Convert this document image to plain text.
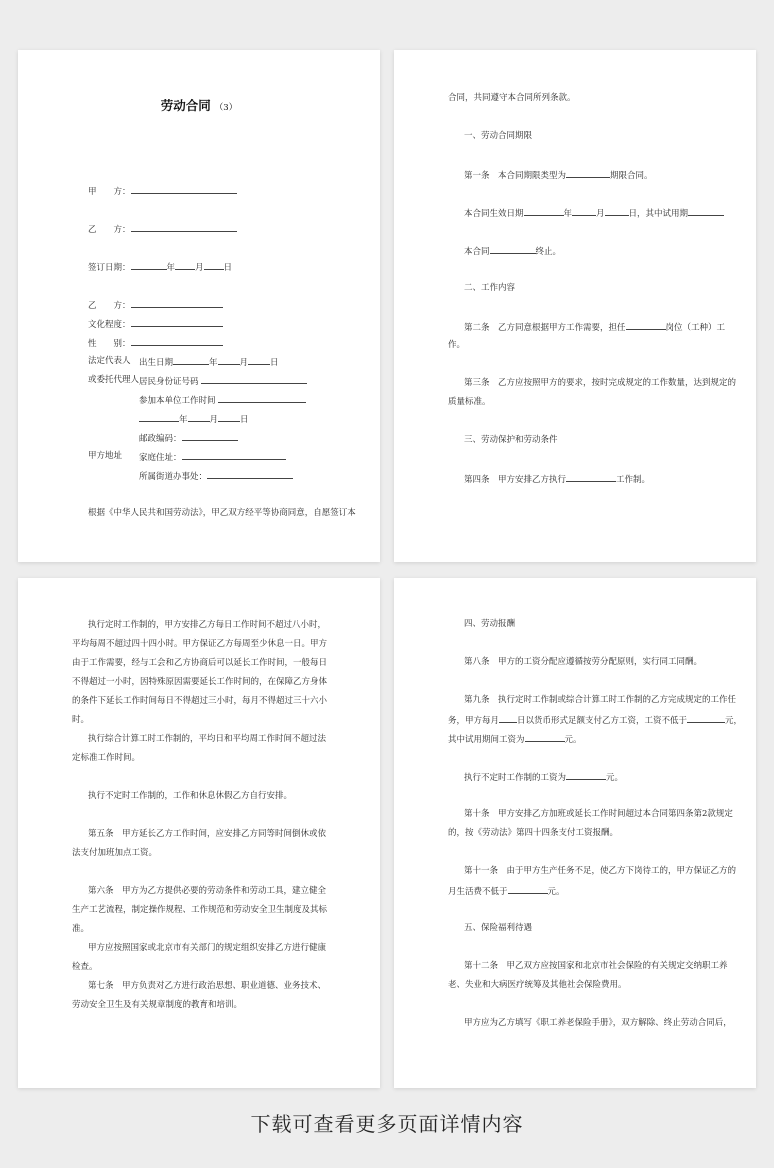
劳动合同 （3）
甲　　方：
乙　　方：
签订日期：	年 月 日
乙　　方：
文化程度：
性　　别：
法定代表人 出生日期	年	月	日
或委托代理人 居民身份证号码
参加本单位工作时间
年	月	日
邮政编码：
甲方地址 家庭住址：
所属街道办事处：
根据《中华人民共和国劳动法》，甲乙双方经平等协商同意，自愿签订本
合同，共同遵守本合同所列条款。
一、劳动合同期限
第一条　本合同期限类型为	期限合同。
本合同生效日期	年	月	日，其中试用期
本合同	终止。
二、工作内容
第二条　乙方同意根据甲方工作需要，担任	岗位（工种）工
作。
第三条　乙方应按照甲方的要求，按时完成规定的工作数量，达到规定的
质量标准。
三、劳动保护和劳动条件
第四条　甲方安排乙方执行	工作制。
执行定时工作制的，甲方安排乙方每日工作时间不超过八小时，平均每周不超过四十四小时。甲方保证乙方每周至少休息一日。甲方由于工作需要，经与工会和乙方协商后可以延长工作时间，一般每日不得超过一小时，因特殊原因需要延长工作时间的，在保障乙方身体的条件下延长工作时间每日不得超过三小时，每月不得超过三十六小时。
执行综合计算工时工作制的，平均日和平均周工作时间不超过法定标准工作时间。
执行不定时工作制的，工作和休息休假乙方自行安排。
第五条　甲方延长乙方工作时间，应安排乙方同等时间倒休或依法支付加班加点工资。
第六条　甲方为乙方提供必要的劳动条件和劳动工具，建立健全生产工艺流程，制定操作规程、工作规范和劳动安全卫生制度及其标准。
甲方应按照国家或北京市有关部门的规定组织安排乙方进行健康检查。
第七条　甲方负责对乙方进行政治思想、职业道德、业务技术、劳动安全卫生及有关规章制度的教育和培训。
四、劳动报酬
第八条　甲方的工资分配应遵循按劳分配原则，实行同工同酬。
第九条　执行定时工作制或综合计算工时工作制的乙方完成规定的工作任
务，甲方每月 日以货币形式足额支付乙方工资，工资不低于	元，
其中试用期间工资为	元。
执行不定时工作制的工资为	元。
第十条　甲方安排乙方加班或延长工作时间超过本合同第四条第2款规定
的，按《劳动法》第四十四条支付工资报酬。
第十一条　由于甲方生产任务不足，使乙方下岗待工的，甲方保证乙方的
月生活费不低于	元。
五、保险福利待遇
第十二条　甲乙双方应按国家和北京市社会保险的有关规定交纳职工养
老、失业和大病医疗统筹及其他社会保险费用。
甲方应为乙方填写《职工养老保险手册》，双方解除、终止劳动合同后，
下载可查看更多页面详情内容
